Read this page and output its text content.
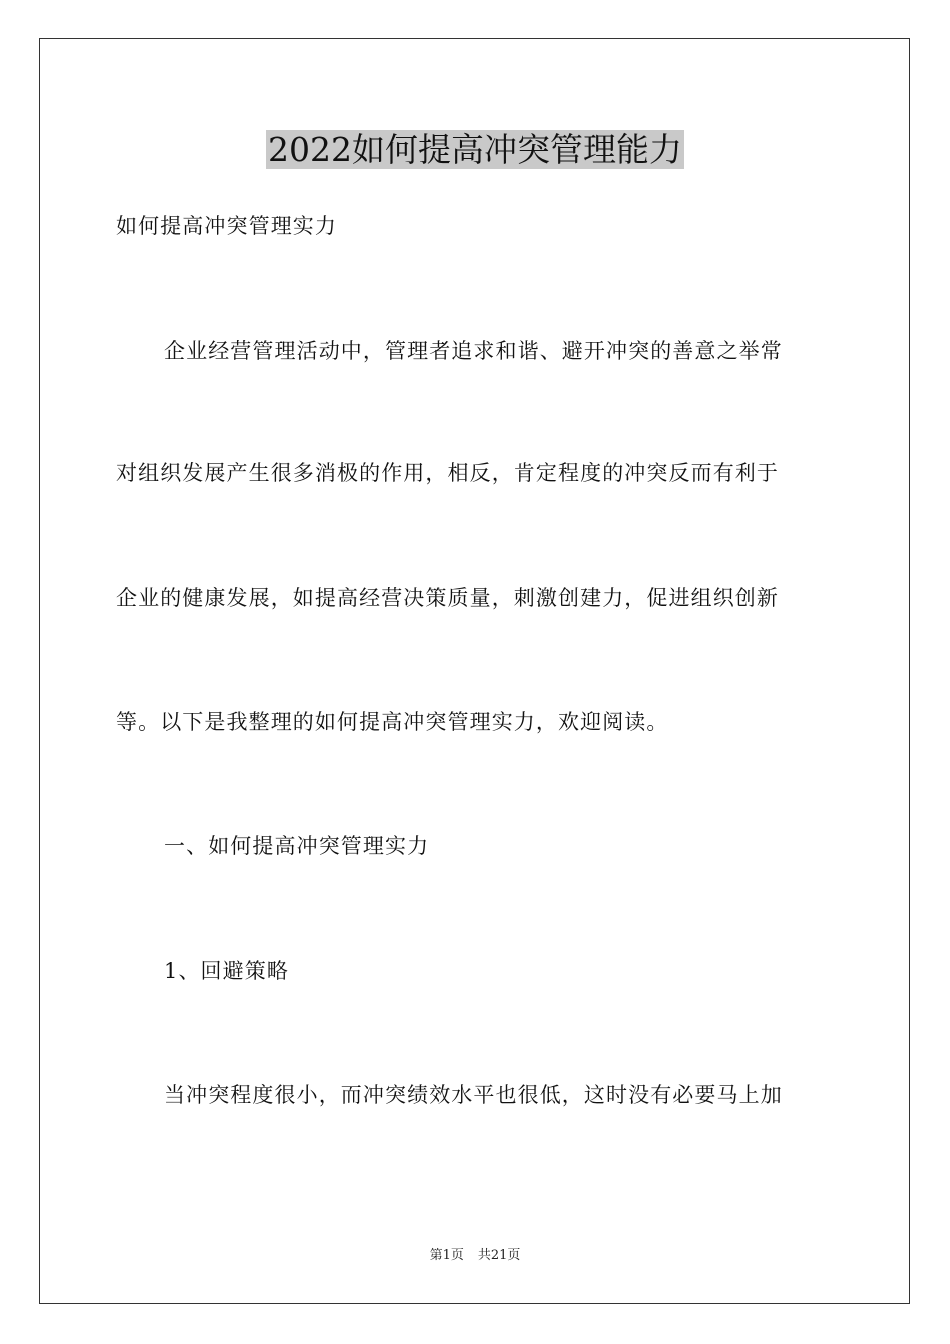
2022如何提高冲突管理能力
如何提高冲突管理实力
企业经营管理活动中，管理者追求和谐、避开冲突的善意之举常
对组织发展产生很多消极的作用，相反，肯定程度的冲突反而有利于
企业的健康发展，如提高经营决策质量，刺激创建力，促进组织创新
等。以下是我整理的如何提高冲突管理实力，欢迎阅读。
一、如何提高冲突管理实力
1、回避策略
当冲突程度很小，而冲突绩效水平也很低，这时没有必要马上加
第1页 共21页
